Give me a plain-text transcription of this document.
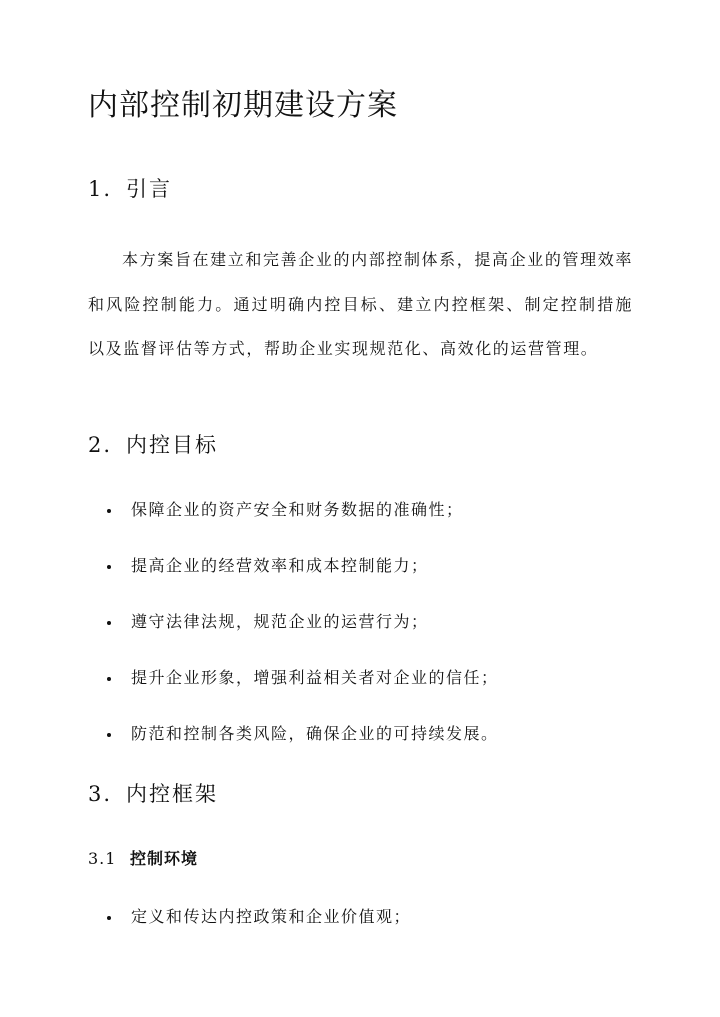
内部控制初期建设方案
1. 引言

本方案旨在建立和完善企业的内部控制体系，提高企业的管理效率和风险控制能力。通过明确内控目标、建立内控框架、制定控制措施以及监督评估等方式，帮助企业实现规范化、高效化的运营管理。

2. 内控目标
保障企业的资产安全和财务数据的准确性；
提高企业的经营效率和成本控制能力；
遵守法律法规，规范企业的运营行为；
提升企业形象，增强利益相关者对企业的信任；
防范和控制各类风险，确保企业的可持续发展。
3. 内控框架
3.1 控制环境
定义和传达内控政策和企业价值观；
